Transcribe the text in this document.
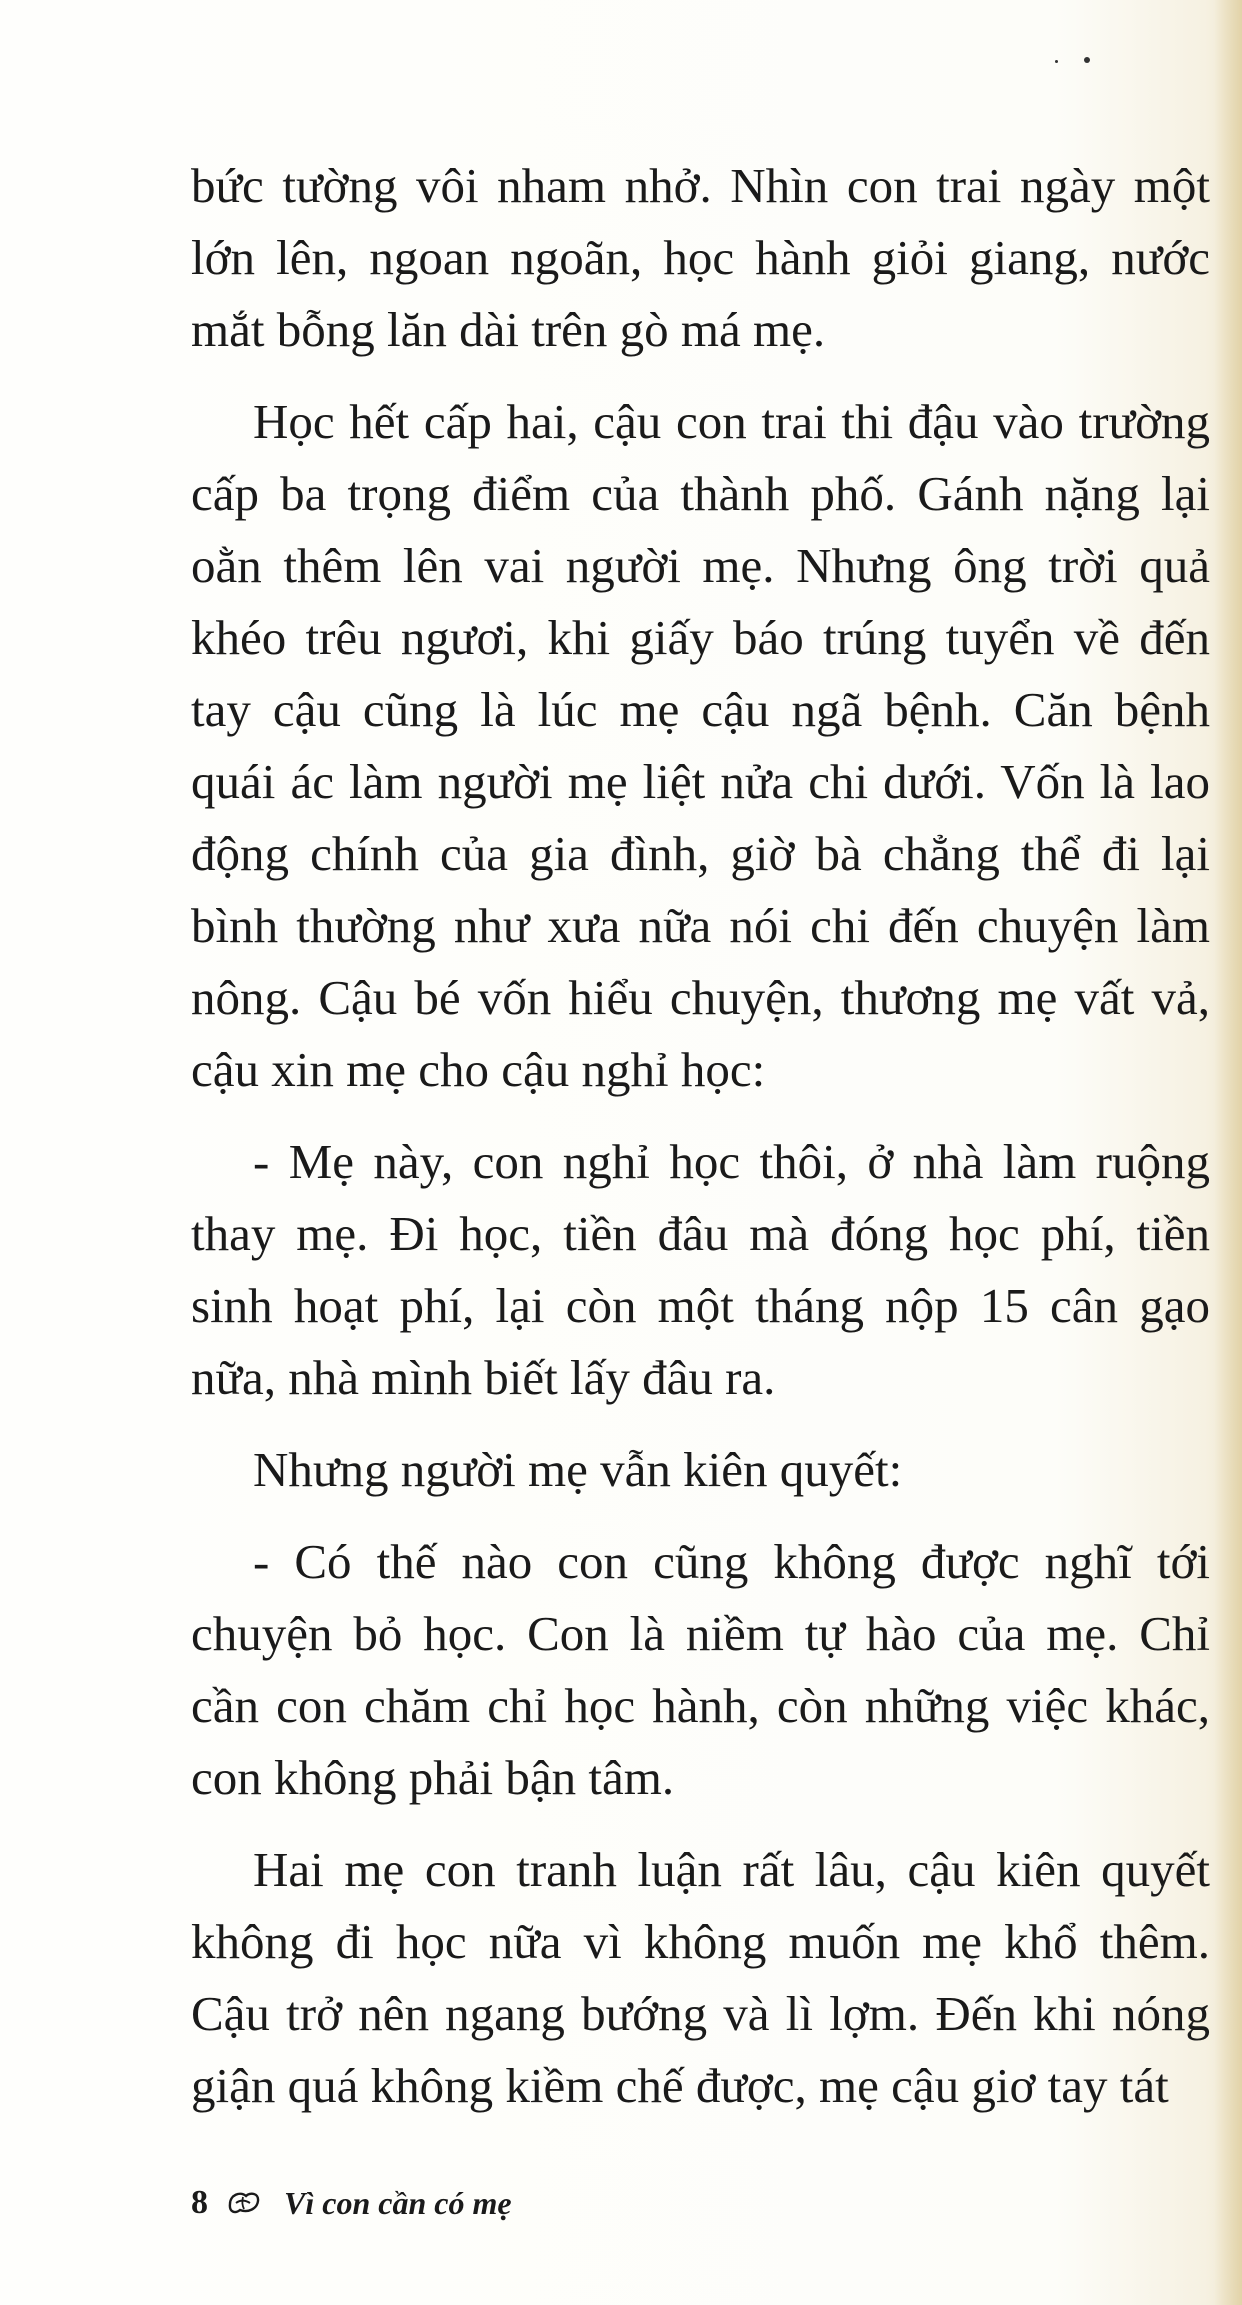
bức tường vôi nham nhở. Nhìn con trai ngày một
lớn lên, ngoan ngoãn, học hành giỏi giang, nước
mắt bỗng lăn dài trên gò má mẹ.
Học hết cấp hai, cậu con trai thi đậu vào trường
cấp ba trọng điểm của thành phố. Gánh nặng lại
oằn thêm lên vai người mẹ. Nhưng ông trời quả
khéo trêu ngươi, khi giấy báo trúng tuyển về đến
tay cậu cũng là lúc mẹ cậu ngã bệnh. Căn bệnh
quái ác làm người mẹ liệt nửa chi dưới. Vốn là lao
động chính của gia đình, giờ bà chẳng thể đi lại
bình thường như xưa nữa nói chi đến chuyện làm
nông. Cậu bé vốn hiểu chuyện, thương mẹ vất vả,
cậu xin mẹ cho cậu nghỉ học:
- Mẹ này, con nghỉ học thôi, ở nhà làm ruộng
thay mẹ. Đi học, tiền đâu mà đóng học phí, tiền
sinh hoạt phí, lại còn một tháng nộp 15 cân gạo
nữa, nhà mình biết lấy đâu ra.
Nhưng người mẹ vẫn kiên quyết:
- Có thế nào con cũng không được nghĩ tới
chuyện bỏ học. Con là niềm tự hào của mẹ. Chỉ
cần con chăm chỉ học hành, còn những việc khác,
con không phải bận tâm.
Hai mẹ con tranh luận rất lâu, cậu kiên quyết
không đi học nữa vì không muốn mẹ khổ thêm.
Cậu trở nên ngang bướng và lì lợm. Đến khi nóng
giận quá không kiềm chế được, mẹ cậu giơ tay tát
8 Vì con cần có mẹ
